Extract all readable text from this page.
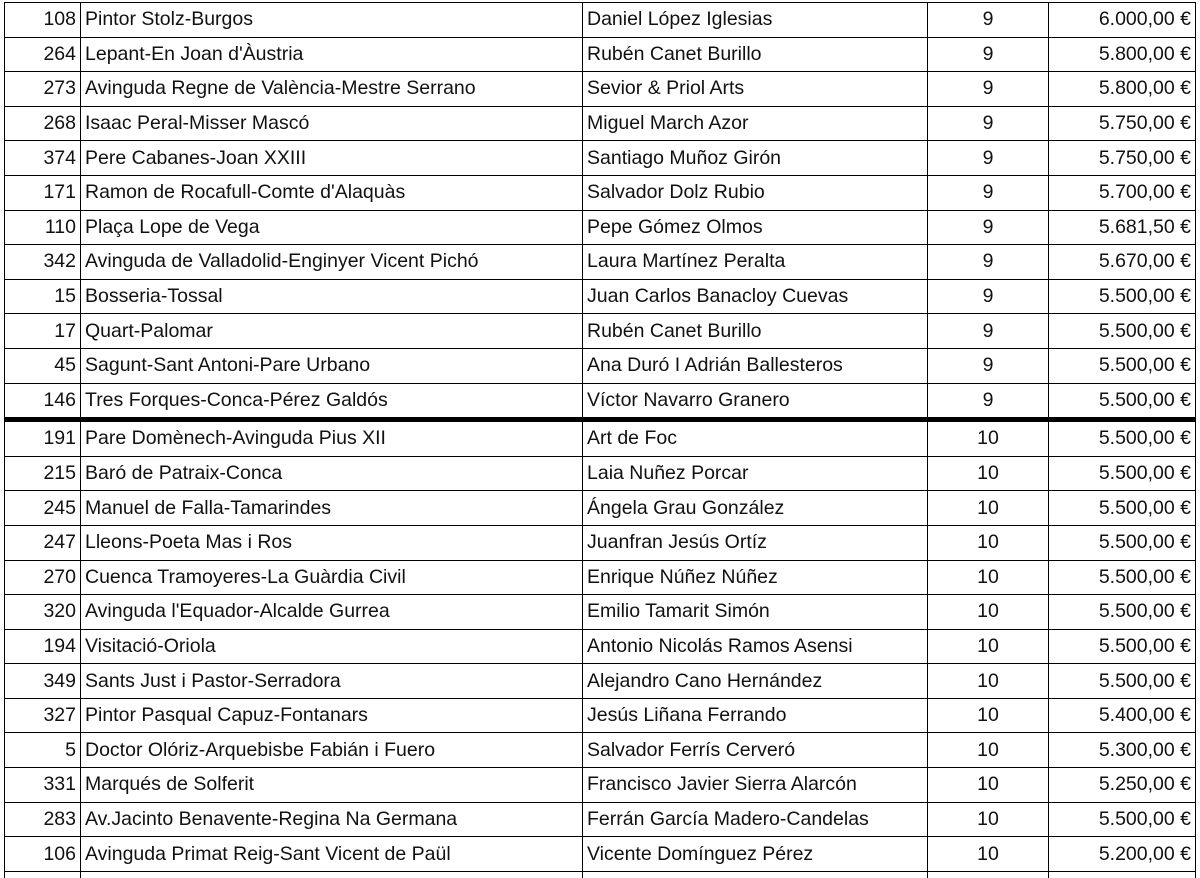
108	Pintor Stolz-Burgos	Daniel López Iglesias	9	6.000,00 €
264	Lepant-En Joan d'Àustria	Rubén Canet Burillo	9	5.800,00 €
273	Avinguda Regne de València-Mestre Serrano	Sevior & Priol Arts	9	5.800,00 €
268	Isaac Peral-Misser Mascó	Miguel March Azor	9	5.750,00 €
374	Pere Cabanes-Joan XXIII	Santiago Muñoz Girón	9	5.750,00 €
171	Ramon de Rocafull-Comte d'Alaquàs	Salvador Dolz Rubio	9	5.700,00 €
110	Plaça Lope de Vega	Pepe Gómez Olmos	9	5.681,50 €
342	Avinguda de Valladolid-Enginyer Vicent Pichó	Laura Martínez Peralta	9	5.670,00 €
15	Bosseria-Tossal	Juan Carlos Banacloy Cuevas	9	5.500,00 €
17	Quart-Palomar	Rubén Canet Burillo	9	5.500,00 €
45	Sagunt-Sant Antoni-Pare Urbano	Ana Duró I Adrián Ballesteros	9	5.500,00 €
146	Tres Forques-Conca-Pérez Galdós	Víctor Navarro Granero	9	5.500,00 €
191	Pare Domènech-Avinguda Pius XII	Art de Foc	10	5.500,00 €
215	Baró de Patraix-Conca	Laia Nuñez Porcar	10	5.500,00 €
245	Manuel de Falla-Tamarindes	Ángela Grau González	10	5.500,00 €
247	Lleons-Poeta Mas i Ros	Juanfran Jesús Ortíz	10	5.500,00 €
270	Cuenca Tramoyeres-La Guàrdia Civil	Enrique Núñez Núñez	10	5.500,00 €
320	Avinguda l'Equador-Alcalde Gurrea	Emilio Tamarit Simón	10	5.500,00 €
194	Visitació-Oriola	Antonio Nicolás Ramos Asensi	10	5.500,00 €
349	Sants Just i Pastor-Serradora	Alejandro Cano Hernández	10	5.500,00 €
327	Pintor Pasqual Capuz-Fontanars	Jesús Liñana Ferrando	10	5.400,00 €
5	Doctor Olóriz-Arquebisbe Fabián i Fuero	Salvador Ferrís Cerveró	10	5.300,00 €
331	Marqués de Solferit	Francisco Javier Sierra Alarcón	10	5.250,00 €
283	Av.Jacinto Benavente-Regina Na Germana	Ferrán García Madero-Candelas	10	5.500,00 €
106	Avinguda Primat Reig-Sant Vicent de Paül	Vicente Domínguez Pérez	10	5.200,00 €
